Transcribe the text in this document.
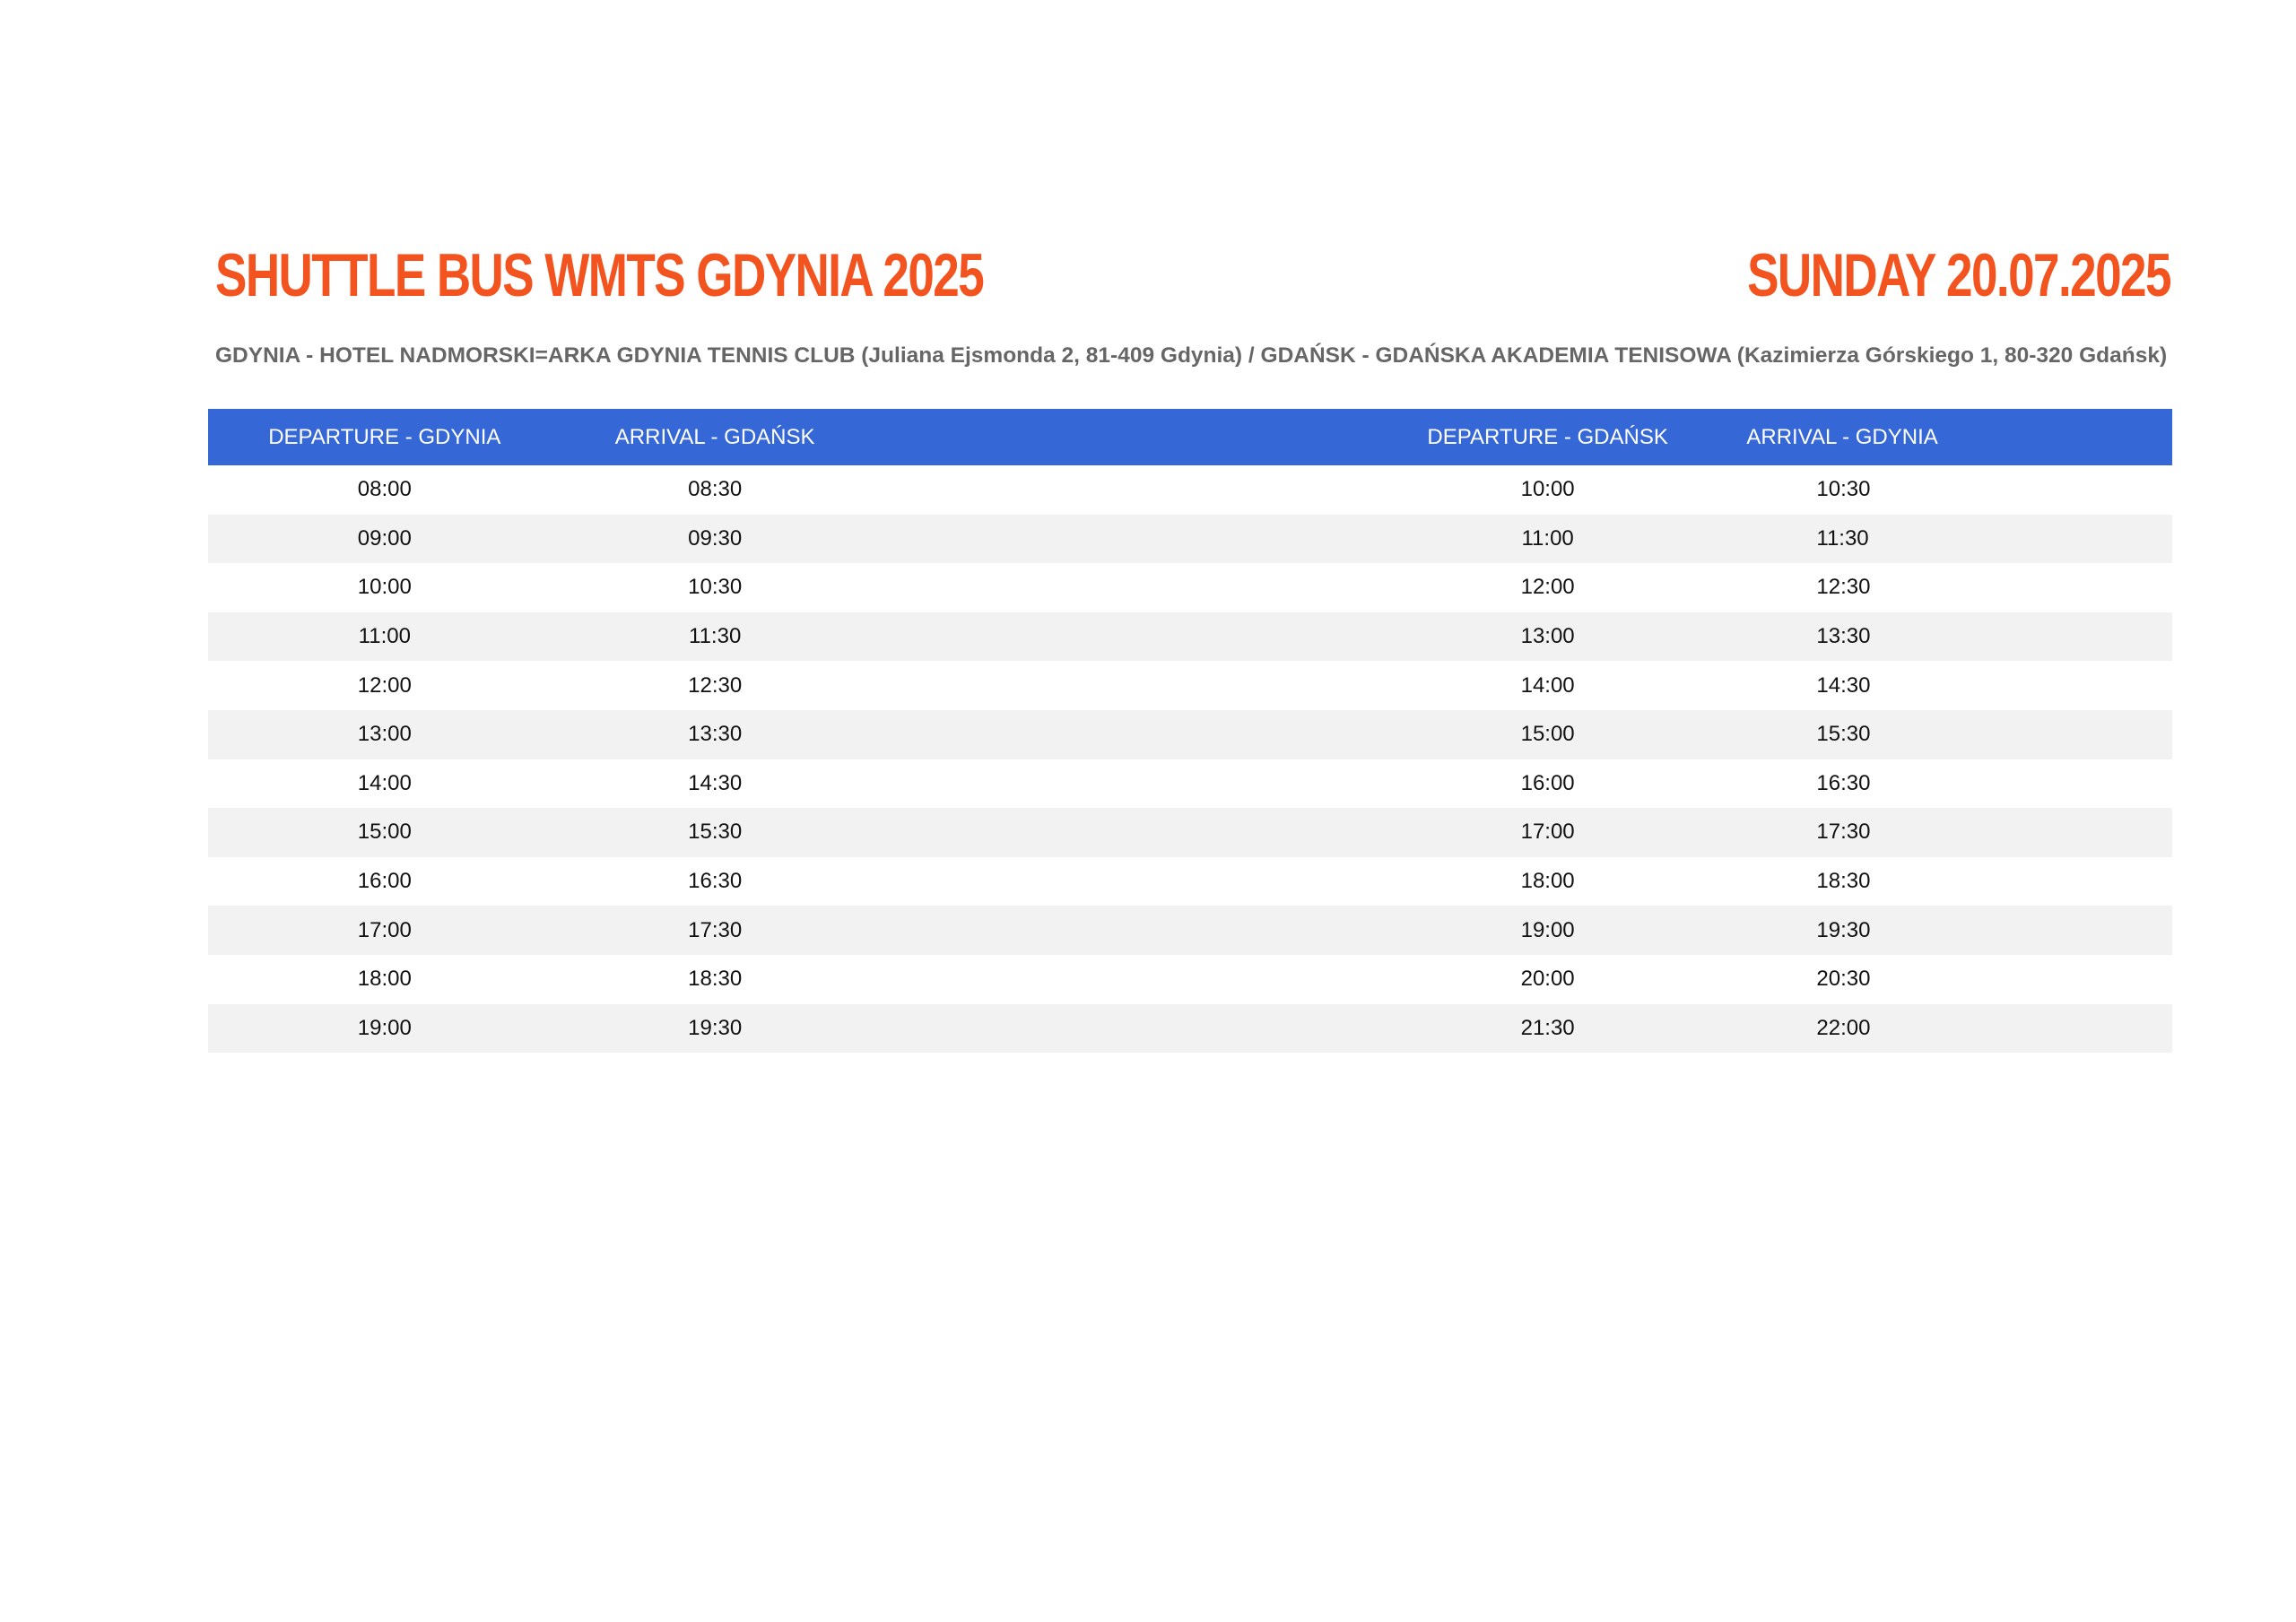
SHUTTLE BUS WMTS GDYNIA 2025	SUNDAY 20.07.2025
GDYNIA - HOTEL NADMORSKI=ARKA GDYNIA TENNIS CLUB (Juliana Ejsmonda 2, 81-409 Gdynia) / GDAŃSK - GDAŃSKA AKADEMIA TENISOWA (Kazimierza Górskiego 1, 80-320 Gdańsk)
DEPARTURE - GDYNIA	ARRIVAL - GDAŃSK		DEPARTURE - GDAŃSK	ARRIVAL - GDYNIA
08:00	08:30		10:00	10:30
09:00	09:30		11:00	11:30
10:00	10:30		12:00	12:30
11:00	11:30		13:00	13:30
12:00	12:30		14:00	14:30
13:00	13:30		15:00	15:30
14:00	14:30		16:00	16:30
15:00	15:30		17:00	17:30
16:00	16:30		18:00	18:30
17:00	17:30		19:00	19:30
18:00	18:30		20:00	20:30
19:00	19:30		21:30	22:00
